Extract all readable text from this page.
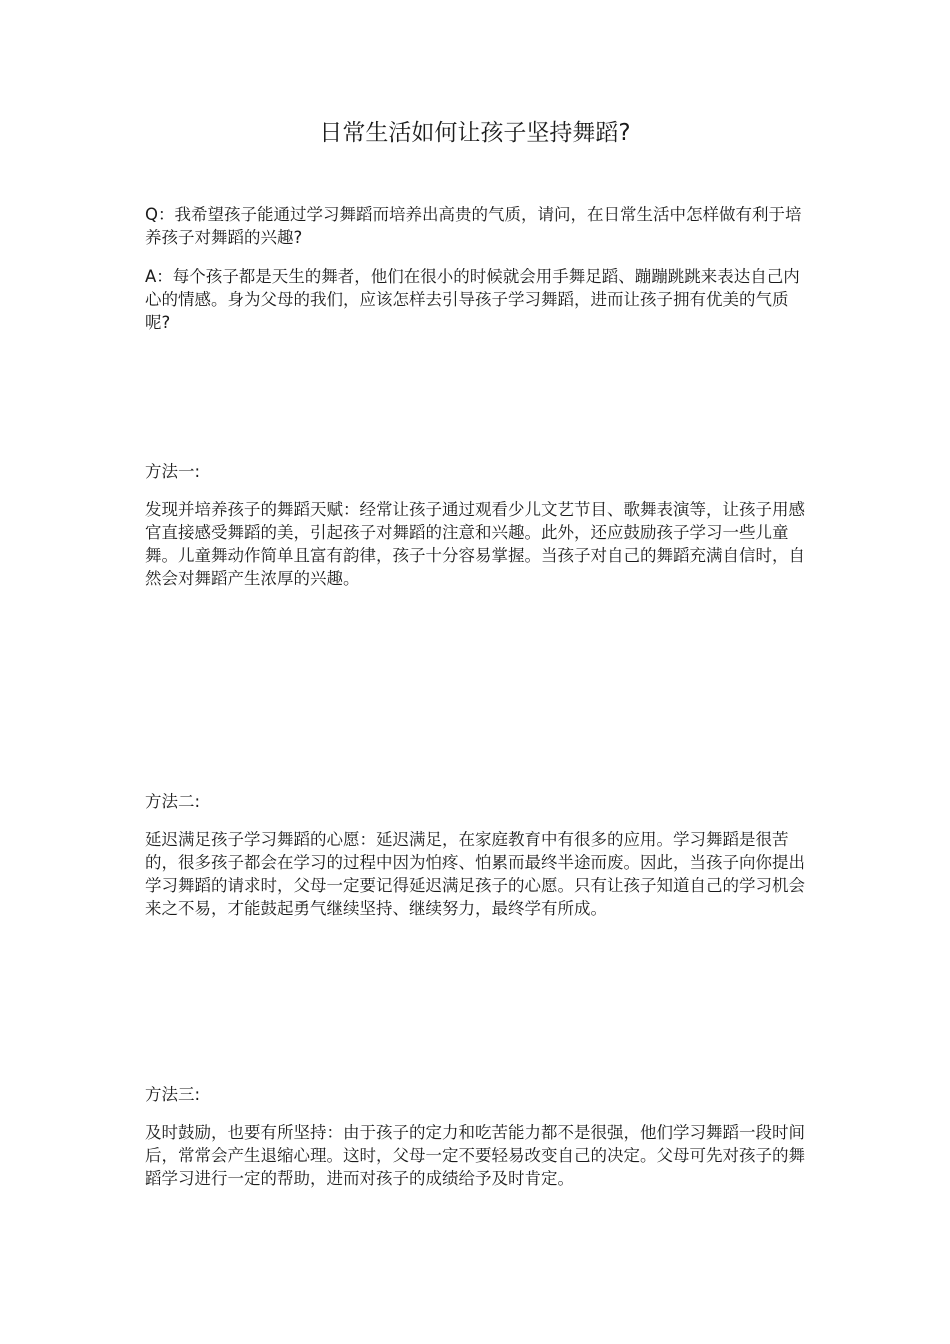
日常生活如何让孩子坚持舞蹈?

Q：我希望孩子能通过学习舞蹈而培养出高贵的气质，请问，在日常生活中怎样做有利于培养孩子对舞蹈的兴趣?

A：每个孩子都是天生的舞者，他们在很小的时候就会用手舞足蹈、蹦蹦跳跳来表达自己内心的情感。身为父母的我们，应该怎样去引导孩子学习舞蹈，进而让孩子拥有优美的气质呢?

方法一:

发现并培养孩子的舞蹈天赋：经常让孩子通过观看少儿文艺节目、歌舞表演等，让孩子用感官直接感受舞蹈的美，引起孩子对舞蹈的注意和兴趣。此外，还应鼓励孩子学习一些儿童舞。儿童舞动作简单且富有韵律，孩子十分容易掌握。当孩子对自己的舞蹈充满自信时，自然会对舞蹈产生浓厚的兴趣。

方法二:

延迟满足孩子学习舞蹈的心愿：延迟满足，在家庭教育中有很多的应用。学习舞蹈是很苦的，很多孩子都会在学习的过程中因为怕疼、怕累而最终半途而废。因此，当孩子向你提出学习舞蹈的请求时，父母一定要记得延迟满足孩子的心愿。只有让孩子知道自己的学习机会来之不易，才能鼓起勇气继续坚持、继续努力，最终学有所成。

方法三:

及时鼓励，也要有所坚持：由于孩子的定力和吃苦能力都不是很强，他们学习舞蹈一段时间后，常常会产生退缩心理。这时，父母一定不要轻易改变自己的决定。父母可先对孩子的舞蹈学习进行一定的帮助，进而对孩子的成绩给予及时肯定。
